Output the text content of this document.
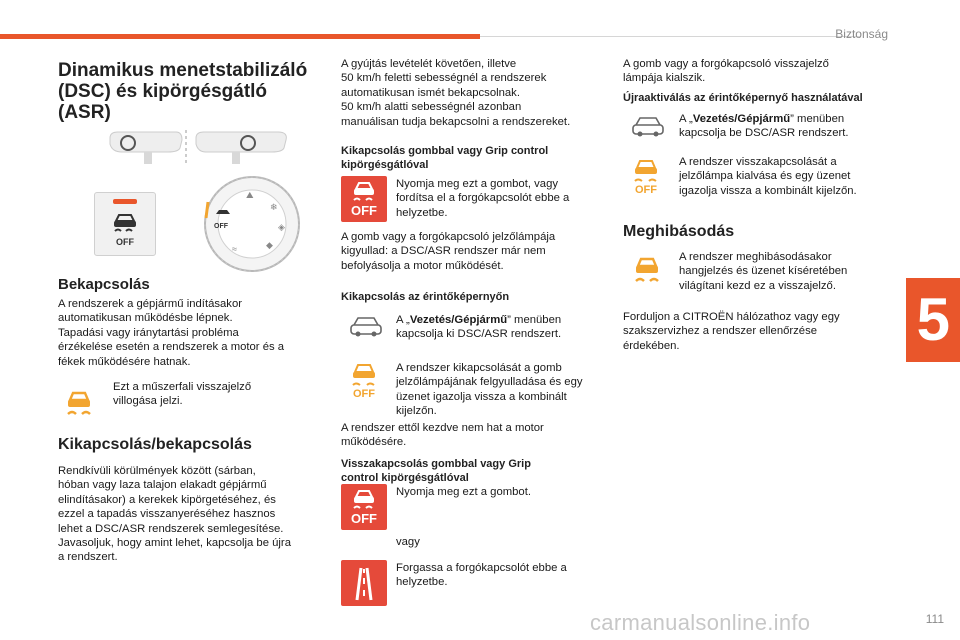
Biztonság
5
111
carmanualsonline.info
Dinamikus menetstabilizáló
(DSC) és kipörgésgátló
(ASR)
OFF
OFF
⛰
❄
◈
◆
≈
Bekapcsolás

A rendszerek a gépjármű indításakor
automatikusan működésbe lépnek.
Tapadási vagy iránytartási probléma
érzékelése esetén a rendszerek a motor és a
fékek működésére hatnak.

Ezt a műszerfali visszajelző
villogása jelzi.

Kikapcsolás/bekapcsolás

Rendkívüli körülmények között (sárban,
hóban vagy laza talajon elakadt gépjármű
elindításakor) a kerekek kipörgetéséhez, és
ezzel a tapadás visszanyeréséhez hasznos
lehet a DSC/ASR rendszerek semlegesítése.
Javasoljuk, hogy amint lehet, kapcsolja be újra
a rendszert.

A gyújtás levételét követően, illetve
50 km/h feletti sebességnél a rendszerek
automatikusan ismét bekapcsolnak.
50 km/h alatti sebességnél azonban
manuálisan tudja bekapcsolni a rendszereket.

Kikapcsolás gombbal vagy Grip control
kipörgésgátlóval

OFF

Nyomja meg ezt a gombot, vagy
fordítsa el a forgókapcsolót ebbe a
helyzetbe.

A gomb vagy a forgókapcsoló jelzőlámpája
kigyullad: a DSC/ASR rendszer már nem
befolyásolja a motor működését.

Kikapcsolás az érintőképernyőn

A „Vezetés/Gépjármű” menüben
kapcsolja ki DSC/ASR rendszert.

OFF

A rendszer kikapcsolását a gomb
jelzőlámpájának felgyulladása és egy
üzenet igazolja vissza a kombinált
kijelzőn.

A rendszer ettől kezdve nem hat a motor
működésére.

Visszakapcsolás gombbal vagy Grip
control kipörgésgátlóval

OFF

Nyomja meg ezt a gombot.

vagy

Forgassa a forgókapcsolót ebbe a
helyzetbe.

A gomb vagy a forgókapcsoló visszajelző
lámpája kialszik.

Újraaktiválás az érintőképernyő használatával

A „Vezetés/Gépjármű” menüben
kapcsolja be DSC/ASR rendszert.

OFF

A rendszer visszakapcsolását a
jelzőlámpa kialvása és egy üzenet
igazolja vissza a kombinált kijelzőn.

Meghibásodás

A rendszer meghibásodásakor
hangjelzés és üzenet kíséretében
világítani kezd ez a visszajelző.

Forduljon a CITROËN hálózathoz vagy egy
szakszervizhez a rendszer ellenőrzése
érdekében.
